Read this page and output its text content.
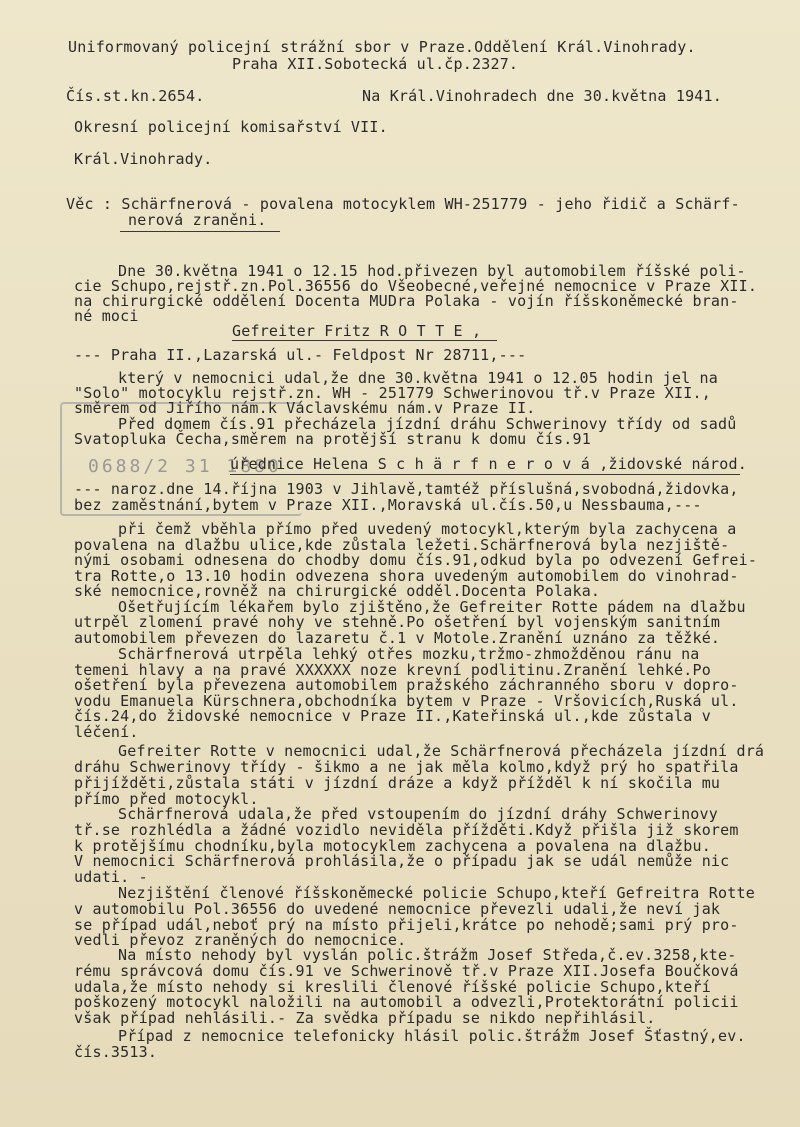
0688/2 31 1880
Uniformovaný policejní strážní sbor v Praze.Oddělení Král.Vinohrady.
Praha XII.Sobotecká ul.čp.2327.
Čís.st.kn.2654.	Na Král.Vinohradech dne 30.května 1941.
Okresní policejní komisařství VII.
Král.Vinohrady.
Věc : Schärfnerová - povalena motocyklem WH-251779 - jeho řidič a Schärf-
nerová zraněni.
Dne 30.května 1941 o 12.15 hod.přivezen byl automobilem říšské poli-
cie Schupo,rejstř.zn.Pol.36556 do Všeobecné,veřejné nemocnice v Praze XII.
na chirurgické oddělení Docenta MUDra Polaka - vojín říšskoněmecké bran-
né moci
Gefreiter Fritz R O T T E ,
--- Praha II.,Lazarská ul.- Feldpost Nr 28711,---
který v nemocnici udal,že dne 30.května 1941 o 12.05 hodin jel na
"Solo" motocyklu rejstř.zn. WH - 251779 Schwerinovou tř.v Praze XII.,
směrem od Jiřího nám.k Václavskému nám.v Praze II.
Před domem čís.91 přecházela jízdní dráhu Schwerinovy třídy od sadů
Svatopluka Čecha,směrem na protější stranu k domu čís.91
úřednice Helena S c h ä r f n e r o v á ,židovské národ.
--- naroz.dne 14.října 1903 v Jihlavě,tamtéž příslušná,svobodná,židovka,
bez zaměstnání,bytem v Praze XII.,Moravská ul.čís.50,u Nessbauma,---
při čemž vběhla přímo před uvedený motocykl,kterým byla zachycena a
povalena na dlažbu ulice,kde zůstala ležeti.Schärfnerová byla nezjiště-
nými osobami odnesena do chodby domu čís.91,odkud byla po odvezení Gefrei-
tra Rotte,o 13.10 hodin odvezena shora uvedeným automobilem do vinohrad-
ské nemocnice,rovněž na chirurgické odděl.Docenta Polaka.
Ošetřujícím lékařem bylo zjištěno,že Gefreiter Rotte pádem na dlažbu
utrpěl zlomení pravé nohy ve stehně.Po ošetření byl vojenským sanitním
automobilem převezen do lazaretu č.1 v Motole.Zranění uznáno za těžké.
Schärfnerová utrpěla lehký otřes mozku,tržmo-zhmožděnou ránu na
temeni hlavy a na pravé XXXXXX noze krevní podlitinu.Zranění lehké.Po
ošetření byla převezena automobilem pražského záchranného sboru v dopro-
vodu Emanuela Kürschnera,obchodníka bytem v Praze - Vršovicích,Ruská ul.
čís.24,do židovské nemocnice v Praze II.,Kateřinská ul.,kde zůstala v
léčení.
Gefreiter Rotte v nemocnici udal,že Schärfnerová přecházela jízdní drá
dráhu Schwerinovy třídy - šikmo a ne jak měla kolmo,když prý ho spatřila
přijížděti,zůstala státi v jízdní dráze a když přížděl k ní skočila mu
přímo před motocykl.
Schärfnerová udala,že před vstoupením do jízdní dráhy Schwerinovy
tř.se rozhlédla a žádné vozidlo neviděla přížděti.Když přišla již skorem
k protějšímu chodníku,byla motocyklem zachycena a povalena na dlažbu.
V nemocnici Schärfnerová prohlásila,že o případu jak se udál nemůže nic
udati. -
Nezjištění členové říšskoněmecké policie Schupo,kteří Gefreitra Rotte
v automobilu Pol.36556 do uvedené nemocnice převezli udali,že neví jak
se případ udál,neboť prý na místo přijeli,krátce po nehodě;sami prý pro-
vedli převoz zraněných do nemocnice.
Na místo nehody byl vyslán polic.štrážm Josef Středa,č.ev.3258,kte-
rému správcová domu čís.91 ve Schwerinově tř.v Praze XII.Josefa Boučková
udala,že místo nehody si kreslili členové říšské policie Schupo,kteří
poškozený motocykl naložili na automobil a odvezli,Protektorátní policii
však případ nehlásili.- Za svědka případu se nikdo nepřihlásil.
Případ z nemocnice telefonicky hlásil polic.štrážm Josef Šťastný,ev.
čís.3513.
